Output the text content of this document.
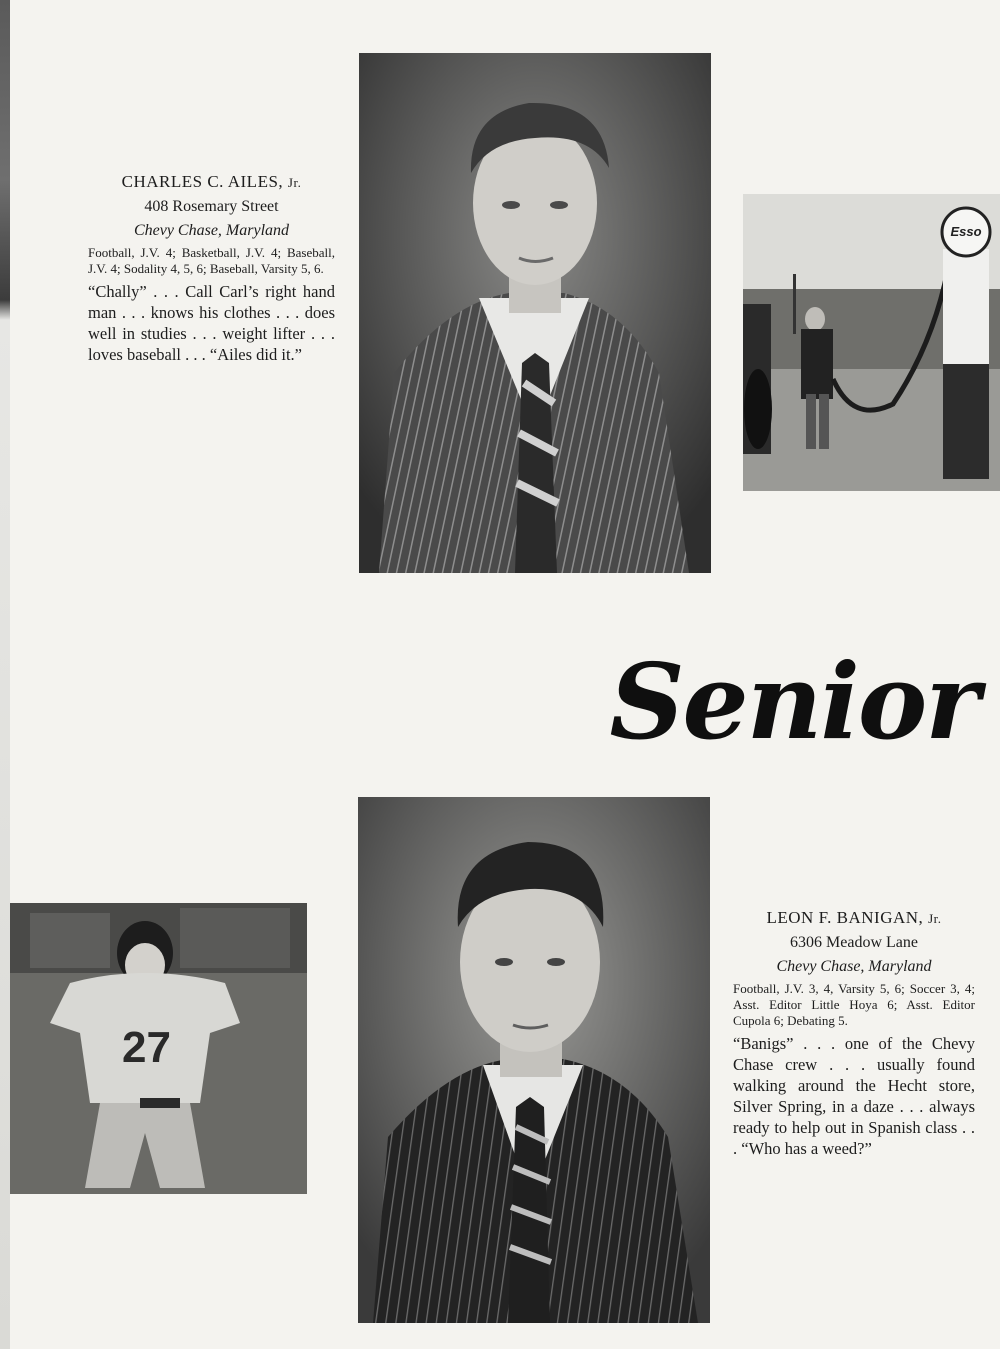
CHARLES C. AILES, Jr.
408 Rosemary Street
Chevy Chase, Maryland
Football, J.V. 4; Basketball, J.V. 4; Baseball, J.V. 4; Sodality 4, 5, 6; Baseball, Varsity 5, 6.
“Chally” . . . Call Carl’s right hand man . . . knows his clothes . . . does well in studies . . . weight lifter . . . loves baseball . . . “Ailes did it.”
Esso
Senior
27
LEON F. BANIGAN, Jr.
6306 Meadow Lane
Chevy Chase, Maryland
Football, J.V. 3, 4, Varsity 5, 6; Soccer 3, 4; Asst. Editor Little Hoya 6; Asst. Editor Cupola 6; Debating 5.
“Banigs” . . . one of the Chevy Chase crew . . . usually found walking around the Hecht store, Silver Spring, in a daze . . . always ready to help out in Spanish class . . . “Who has a weed?”
